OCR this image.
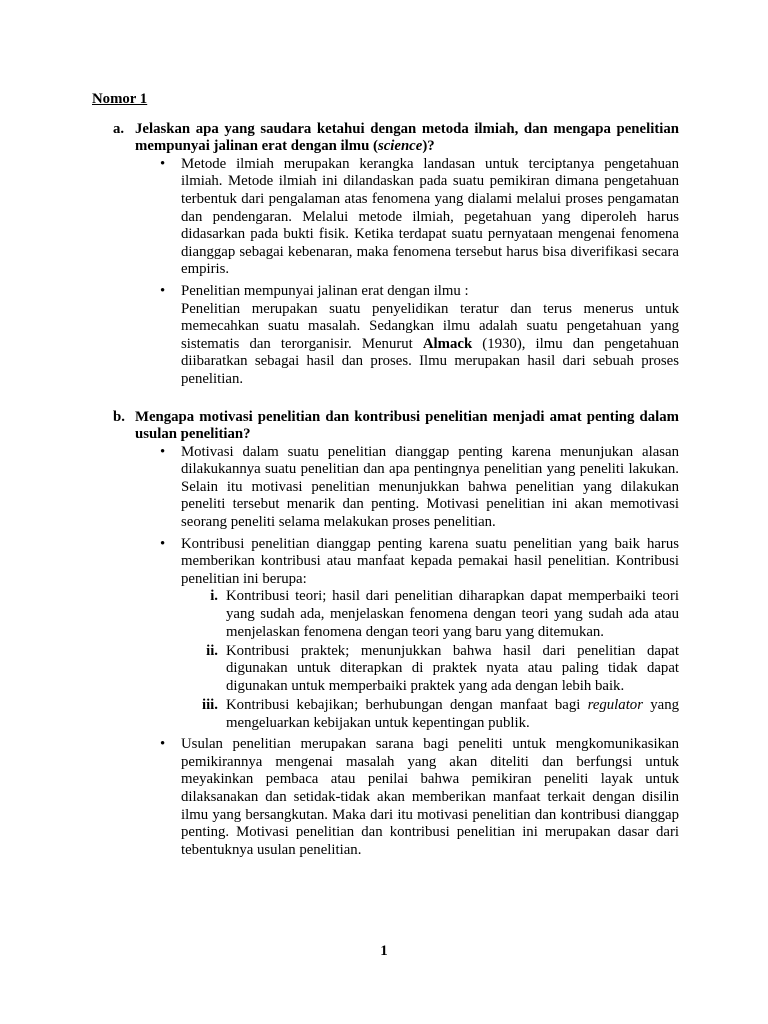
Nomor 1
a. Jelaskan apa yang saudara ketahui dengan metoda ilmiah, dan mengapa penelitian
mempunyai jalinan erat dengan ilmu (science)?
• Metode ilmiah merupakan kerangka landasan untuk terciptanya pengetahuan
ilmiah. Metode ilmiah ini dilandaskan pada suatu pemikiran dimana pengetahuan
terbentuk dari pengalaman atas fenomena yang dialami melalui proses pengamatan
dan pendengaran. Melalui metode ilmiah, pegetahuan yang diperoleh harus
didasarkan pada bukti fisik. Ketika terdapat suatu pernyataan mengenai fenomena
dianggap sebagai kebenaran, maka fenomena tersebut harus bisa diverifikasi secara
empiris.
• Penelitian mempunyai jalinan erat dengan ilmu :
Penelitian merupakan suatu penyelidikan teratur dan terus menerus untuk
memecahkan suatu masalah. Sedangkan ilmu adalah suatu pengetahuan yang
sistematis dan terorganisir. Menurut Almack (1930), ilmu dan pengetahuan
diibaratkan sebagai hasil dan proses. Ilmu merupakan hasil dari sebuah proses
penelitian.
b. Mengapa motivasi penelitian dan kontribusi penelitian menjadi amat penting dalam
usulan penelitian?
• Motivasi dalam suatu penelitian dianggap penting karena menunjukan alasan
dilakukannya suatu penelitian dan apa pentingnya penelitian yang peneliti lakukan.
Selain itu motivasi penelitian menunjukkan bahwa penelitian yang dilakukan
peneliti tersebut menarik dan penting. Motivasi penelitian ini akan memotivasi
seorang peneliti selama melakukan proses penelitian.
• Kontribusi penelitian dianggap penting karena suatu penelitian yang baik harus
memberikan kontribusi atau manfaat kepada pemakai hasil penelitian. Kontribusi
penelitian ini berupa:
i. Kontribusi teori; hasil dari penelitian diharapkan dapat memperbaiki teori
yang sudah ada, menjelaskan fenomena dengan teori yang sudah ada atau
menjelaskan fenomena dengan teori yang baru yang ditemukan.
ii. Kontribusi praktek; menunjukkan bahwa hasil dari penelitian dapat
digunakan untuk diterapkan di praktek nyata atau paling tidak dapat
digunakan untuk memperbaiki praktek yang ada dengan lebih baik.
iii. Kontribusi kebajikan; berhubungan dengan manfaat bagi regulator yang
mengeluarkan kebijakan untuk kepentingan publik.
• Usulan penelitian merupakan sarana bagi peneliti untuk mengkomunikasikan
pemikirannya mengenai masalah yang akan diteliti dan berfungsi untuk
meyakinkan pembaca atau penilai bahwa pemikiran peneliti layak untuk
dilaksanakan dan setidak-tidak akan memberikan manfaat terkait dengan disilin
ilmu yang bersangkutan. Maka dari itu motivasi penelitian dan kontribusi dianggap
penting. Motivasi penelitian dan kontribusi penelitian ini merupakan dasar dari
tebentuknya usulan penelitian.
1
